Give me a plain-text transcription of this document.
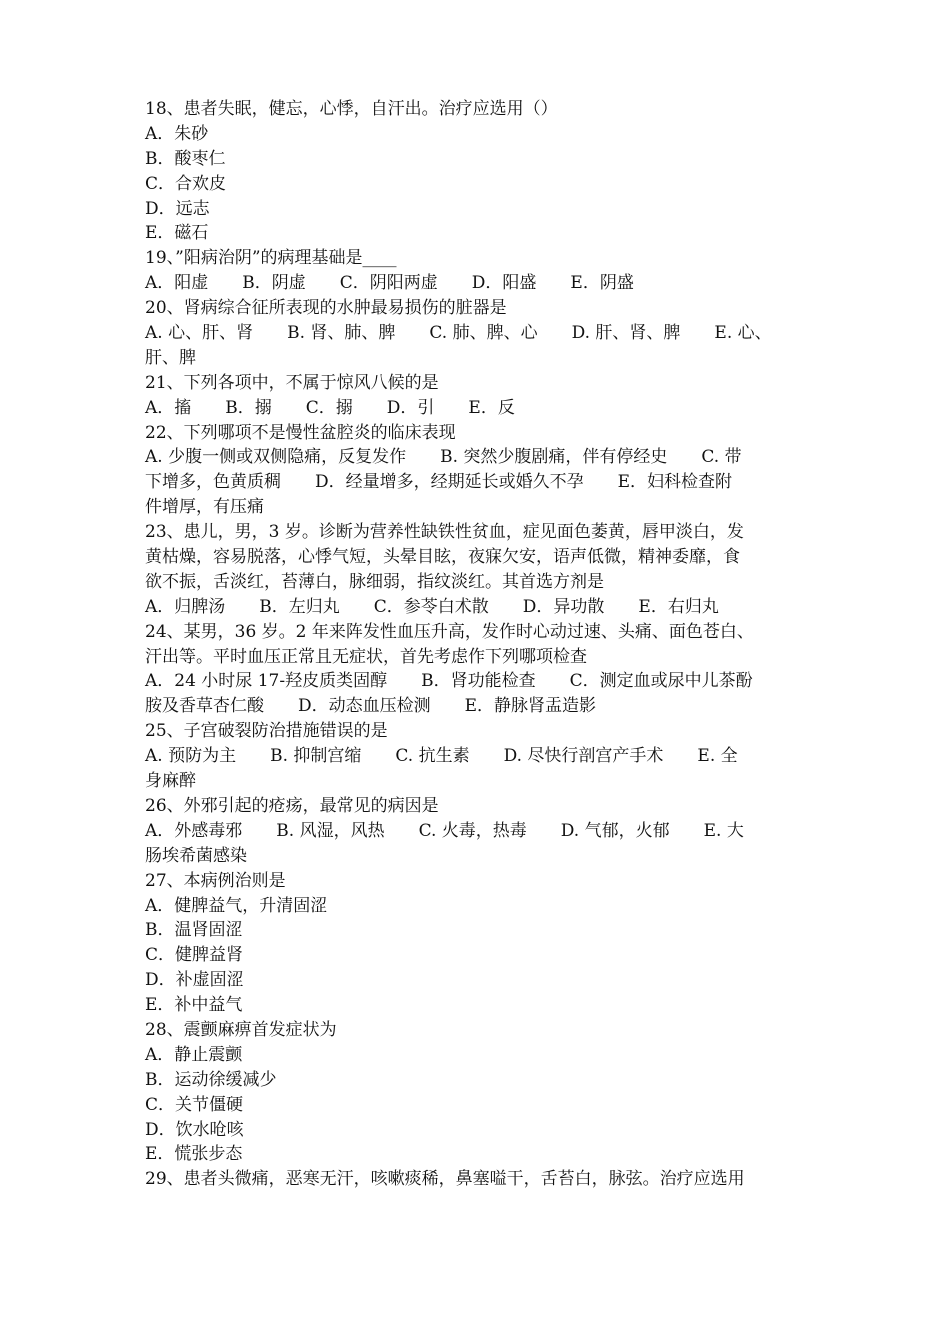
18、患者失眠，健忘，心悸，自汗出。治疗应选用（）
A．朱砂
B．酸枣仁
C．合欢皮
D．远志
E．磁石
19、”阳病治阴”的病理基础是____
A．阳虚　　B．阴虚　　C．阴阳两虚　　D．阳盛　　E．阴盛
20、肾病综合征所表现的水肿最易损伤的脏器是
A. 心、肝、肾　　B. 肾、肺、脾　　C. 肺、脾、心　　D. 肝、肾、脾　　E. 心、
肝、脾
21、下列各项中，不属于惊风八候的是
A．搐　　B．搦　　C．搦　　D．引　　E．反
22、下列哪项不是慢性盆腔炎的临床表现
A. 少腹一侧或双侧隐痛，反复发作　　B. 突然少腹剧痛，伴有停经史　　C. 带
下增多，色黄质稠　　D．经量增多，经期延长或婚久不孕　　E．妇科检查附
件增厚，有压痛
23、患儿，男，3 岁。诊断为营养性缺铁性贫血，症见面色萎黄，唇甲淡白，发
黄枯燥，容易脱落，心悸气短，头晕目眩，夜寐欠安，语声低微，精神委靡，食
欲不振，舌淡红，苔薄白，脉细弱，指纹淡红。其首选方剂是
A．归脾汤　　B．左归丸　　C．参苓白术散　　D．异功散　　E．右归丸
24、某男，36 岁。2 年来阵发性血压升高，发作时心动过速、头痛、面色苍白、
汗出等。平时血压正常且无症状，首先考虑作下列哪项检查
A．24 小时尿 17-羟皮质类固醇　　B．肾功能检查　　C．测定血或尿中儿茶酚
胺及香草杏仁酸　　D．动态血压检测　　E．静脉肾盂造影
25、子宫破裂防治措施错误的是
A. 预防为主　　B. 抑制宫缩　　C. 抗生素　　D. 尽快行剖宫产手术　　E. 全
身麻醉
26、外邪引起的疮疡，最常见的病因是
A．外感毒邪　　B. 风湿，风热　　C. 火毒，热毒　　D. 气郁，火郁　　E. 大
肠埃希菌感染
27、本病例治则是
A．健脾益气，升清固涩
B．温肾固涩
C．健脾益肾
D．补虚固涩
E．补中益气
28、震颤麻痹首发症状为
A．静止震颤
B．运动徐缓减少
C．关节僵硬
D．饮水呛咳
E．慌张步态
29、患者头微痛，恶寒无汗，咳嗽痰稀，鼻塞嗌干，舌苔白，脉弦。治疗应选用
